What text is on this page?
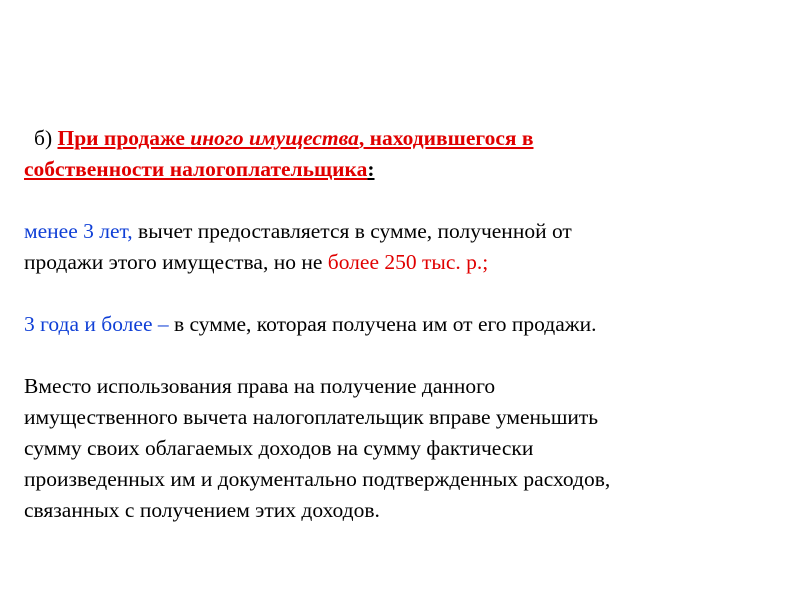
б) При продаже иного имущества, находившегося в
собственности налогоплательщика:
менее 3 лет, вычет предоставляется в сумме, полученной от
продажи этого имущества, но не более 250 тыс. р.;
3 года и более – в сумме, которая получена им от его продажи.
Вместо использования права на получение данного
имущественного вычета налогоплательщик вправе уменьшить
сумму своих облагаемых доходов на сумму фактически
произведенных им и документально подтвержденных расходов,
связанных с получением этих доходов.
